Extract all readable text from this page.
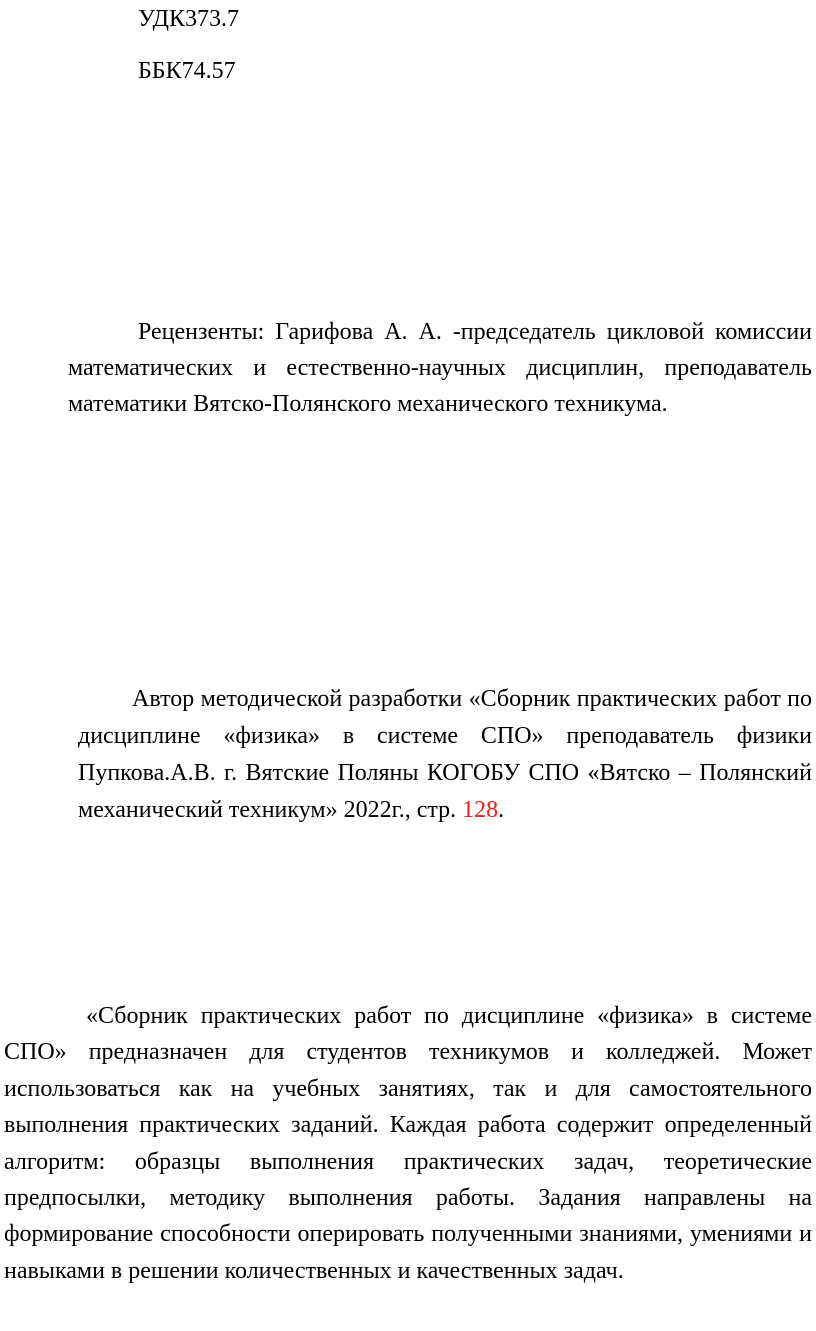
УДК373.7
ББК74.57

Рецензенты: Гарифова А. А. -председатель цикловой комиссии математических и естественно-научных дисциплин, преподаватель математики Вятско-Полянского механического техникума.

Автор методической разработки «Сборник практических работ по дисциплине «физика» в системе СПО» преподаватель физики Пупкова.А.В. г. Вятские Поляны КОГОБУ СПО «Вятско – Полянский механический техникум» 2022г., стр. 128.

«Сборник практических работ по дисциплине «физика» в системе СПО» предназначен для студентов техникумов и колледжей. Может использоваться как на учебных занятиях, так и для самостоятельного выполнения практических заданий. Каждая работа содержит определенный алгоритм: образцы выполнения практических задач, теоретические предпосылки, методику выполнения работы. Задания направлены на формирование способности оперировать полученными знаниями, умениями и навыками в решении количественных и качественных задач.
